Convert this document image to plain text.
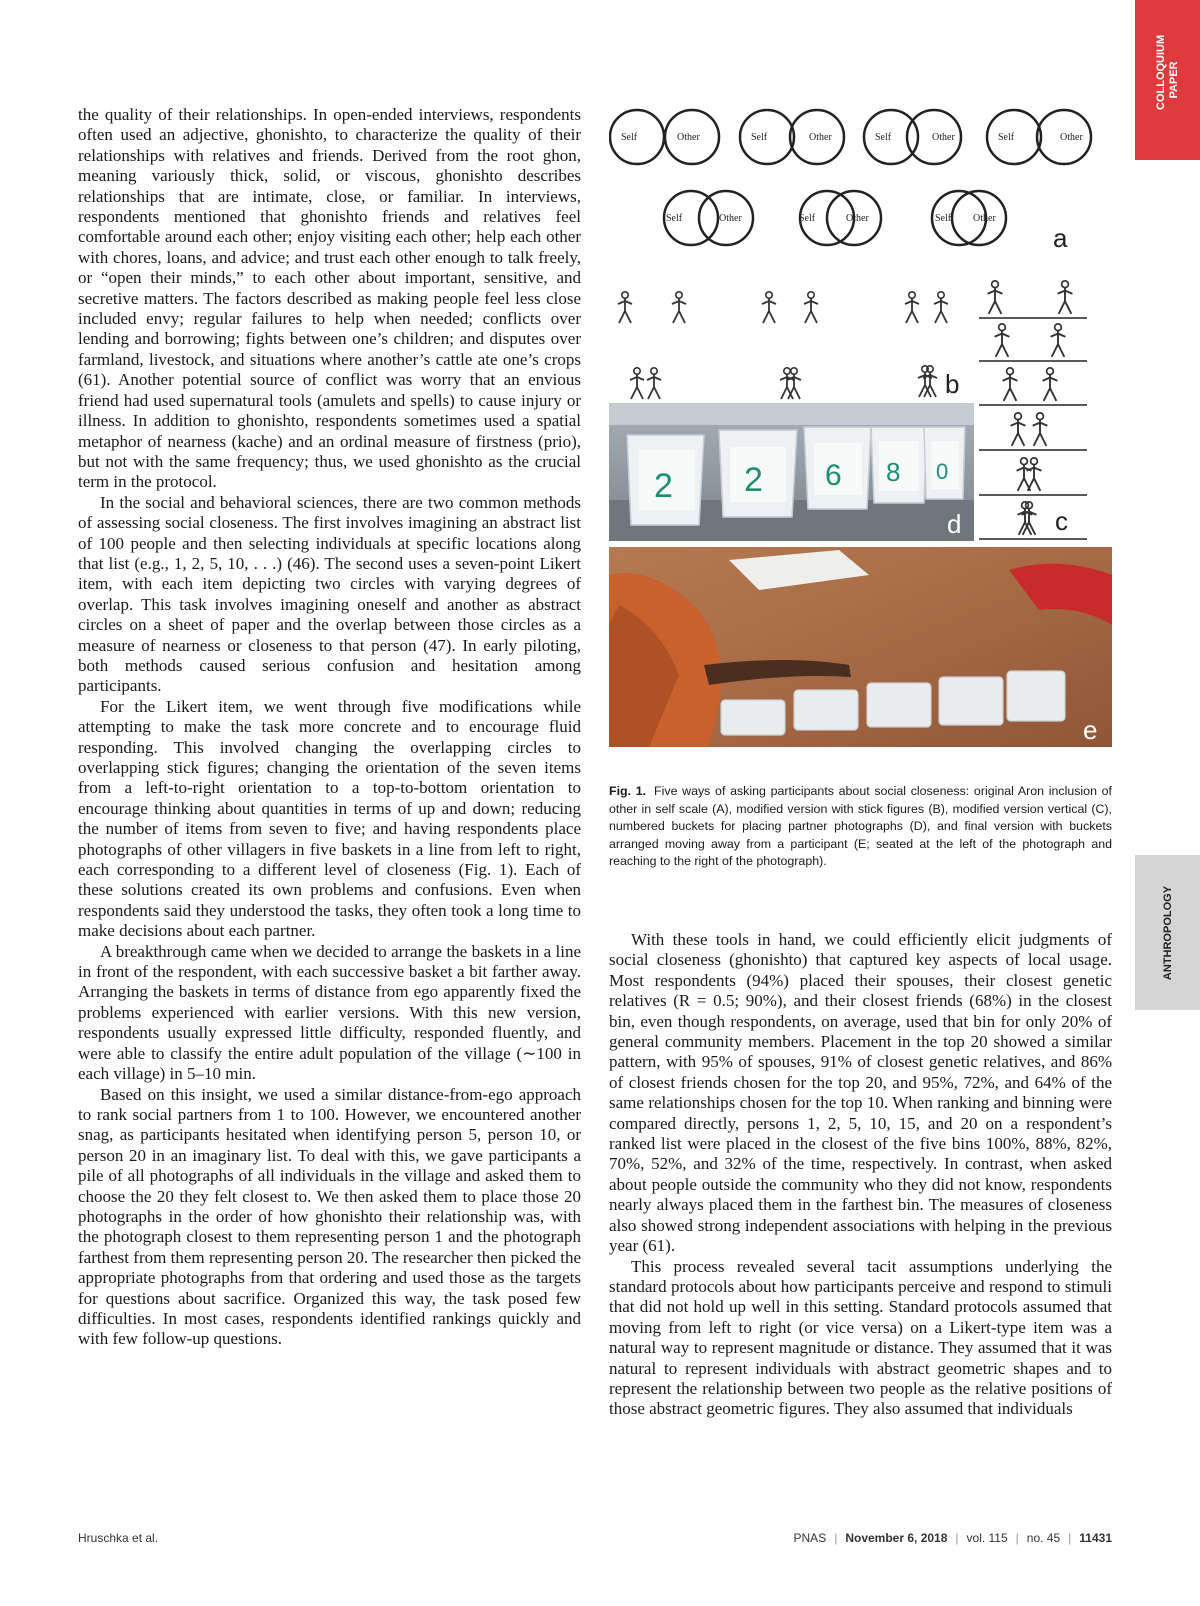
COLLOQUIUM PAPER
ANTHROPOLOGY

the quality of their relationships. In open-ended interviews, respondents often used an adjective, ghonishto, to characterize the quality of their relationships with relatives and friends. Derived from the root ghon, meaning variously thick, solid, or viscous, ghonishto describes relationships that are intimate, close, or familiar. In interviews, respondents mentioned that ghonishto friends and relatives feel comfortable around each other; enjoy visiting each other; help each other with chores, loans, and advice; and trust each other enough to talk freely, or “open their minds,” to each other about important, sensitive, and secretive matters. The factors described as making people feel less close included envy; regular failures to help when needed; conflicts over lending and borrowing; fights between one’s children; and disputes over farmland, livestock, and situations where another’s cattle ate one’s crops (61). Another potential source of conflict was worry that an envious friend had used supernatural tools (amulets and spells) to cause injury or illness. In addition to ghonishto, respondents sometimes used a spatial metaphor of nearness (kache) and an ordinal measure of firstness (prio), but not with the same frequency; thus, we used ghonishto as the crucial term in the protocol.

In the social and behavioral sciences, there are two common methods of assessing social closeness. The first involves imagining an abstract list of 100 people and then selecting individuals at specific locations along that list (e.g., 1, 2, 5, 10, . . .) (46). The second uses a seven-point Likert item, with each item depicting two circles with varying degrees of overlap. This task involves imagining oneself and another as abstract circles on a sheet of paper and the overlap between those circles as a measure of nearness or closeness to that person (47). In early piloting, both methods caused serious confusion and hesitation among participants.

For the Likert item, we went through five modifications while attempting to make the task more concrete and to encourage fluid responding. This involved changing the overlapping circles to overlapping stick figures; changing the orientation of the seven items from a left-to-right orientation to a top-to-bottom orientation to encourage thinking about quantities in terms of up and down; reducing the number of items from seven to five; and having respondents place photographs of other villagers in five baskets in a line from left to right, each corresponding to a different level of closeness (Fig. 1). Each of these solutions created its own problems and confusions. Even when respondents said they understood the tasks, they often took a long time to make decisions about each partner.

A breakthrough came when we decided to arrange the baskets in a line in front of the respondent, with each successive basket a bit farther away. Arranging the baskets in terms of distance from ego apparently fixed the problems experienced with earlier versions. With this new version, respondents usually expressed little difficulty, responded fluently, and were able to classify the entire adult population of the village (∼100 in each village) in 5–10 min.

Based on this insight, we used a similar distance-from-ego approach to rank social partners from 1 to 100. However, we encountered another snag, as participants hesitated when identifying person 5, person 10, or person 20 in an imaginary list. To deal with this, we gave participants a pile of all photographs of all individuals in the village and asked them to choose the 20 they felt closest to. We then asked them to place those 20 photographs in the order of how ghonishto their relationship was, with the photograph closest to them representing person 1 and the photograph farthest from them representing person 20. The researcher then picked the appropriate photographs from that ordering and used those as the targets for questions about sacrifice. Organized this way, the task posed few difficulties. In most cases, respondents identified rankings quickly and with few follow-up questions.

Self	Other	Self	Other	Self	Other	Self	Other
Self	Other	Self	Other	Self Other
a
b
c
2 2 6 8 0
d
e
Fig. 1. Five ways of asking participants about social closeness: original Aron inclusion of other in self scale (A), modified version with stick figures (B), modified version vertical (C), numbered buckets for placing partner photographs (D), and final version with buckets arranged moving away from a participant (E; seated at the left of the photograph and reaching to the right of the photograph).

With these tools in hand, we could efficiently elicit judgments of social closeness (ghonishto) that captured key aspects of local usage. Most respondents (94%) placed their spouses, their closest genetic relatives (R = 0.5; 90%), and their closest friends (68%) in the closest bin, even though respondents, on average, used that bin for only 20% of general community members. Placement in the top 20 showed a similar pattern, with 95% of spouses, 91% of closest genetic relatives, and 86% of closest friends chosen for the top 20, and 95%, 72%, and 64% of the same relationships chosen for the top 10. When ranking and binning were compared directly, persons 1, 2, 5, 10, 15, and 20 on a respondent’s ranked list were placed in the closest of the five bins 100%, 88%, 82%, 70%, 52%, and 32% of the time, respectively. In contrast, when asked about people outside the community who they did not know, respondents nearly always placed them in the farthest bin. The measures of closeness also showed strong independent associations with helping in the previous year (61).

This process revealed several tacit assumptions underlying the standard protocols about how participants perceive and respond to stimuli that did not hold up well in this setting. Standard protocols assumed that moving from left to right (or vice versa) on a Likert-type item was a natural way to represent magnitude or distance. They assumed that it was natural to represent individuals with abstract geometric shapes and to represent the relationship between two people as the relative positions of those abstract geometric figures. They also assumed that individuals

Hruschka et al.	PNAS | November 6, 2018 | vol. 115 | no. 45 | 11431
